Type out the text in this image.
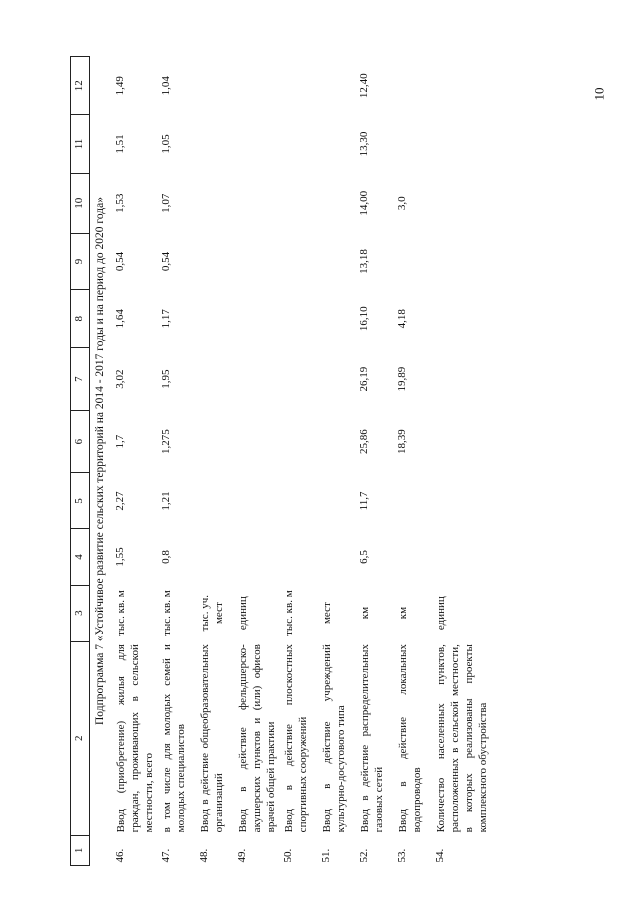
10
1	2	3	4	5	6	7	8	9	10	11	12
Подпрограмма 7 «Устойчивое развитие сельских территорий на 2014 - 2017 годы и на период до 2020 года»											
46.	Ввод (приобретение) жилья для граждан, проживающих в сельской местности, всего	тыс. кв. м	1,55	2,27	1,7	3,02	1,64	0,54	1,53	1,51	1,49
47.	в том числе для молодых семей и молодых специалистов	тыс. кв. м	0,8	1,21	1,275	1,95	1,17	0,54	1,07	1,05	1,04
48.	Ввод в действие общеобразовательных организаций	тыс. уч. мест									
49.	Ввод в действие фельдшерско-акушерских пунктов и (или) офисов врачей общей практики	единиц									
50.	Ввод в действие плоскостных спортивных сооружений	тыс. кв. м									
51.	Ввод в действие учреждений культурно-досугового типа	мест									
52.	Ввод в действие распределительных газовых сетей	км	6,5	11,7	25,86	26,19	16,10	13,18	14,00	13,30	12,40
53.	Ввод в действие локальных водопроводов	км			18,39	19,89	4,18		3,0		
54.	Количество населенных пунктов, расположенных в сельской местности, в которых реализованы проекты комплексного обустройства	единиц									
